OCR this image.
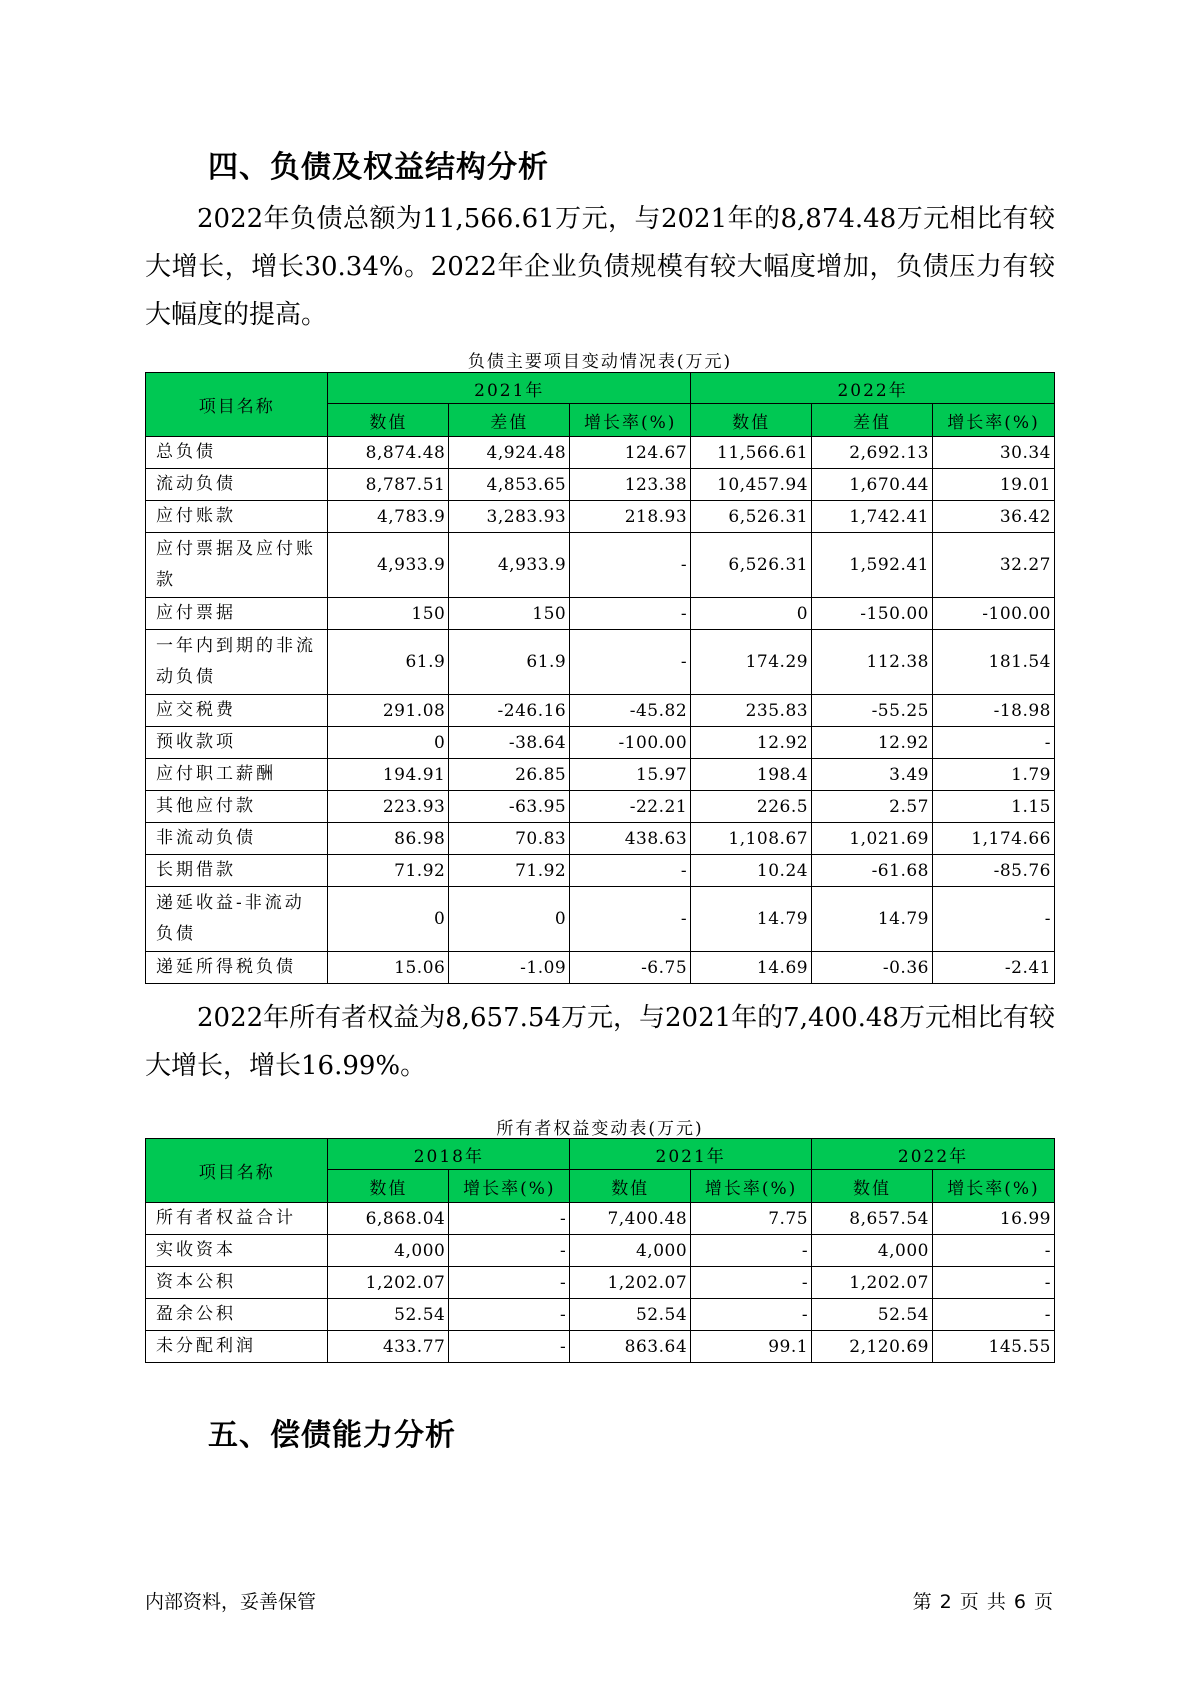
四、负债及权益结构分析

2022年负债总额为11,566.61万元，与2021年的8,874.48万元相比有较大增长，增长30.34%。2022年企业负债规模有较大幅度增加，负债压力有较大幅度的提高。

负债主要项目变动情况表(万元)
项目名称	2021年			2022年		
	数值	差值	增长率(%)	数值	差值	增长率(%)
总负债	8,874.48	4,924.48	124.67	11,566.61	2,692.13	30.34
流动负债	8,787.51	4,853.65	123.38	10,457.94	1,670.44	19.01
应付账款	4,783.9	3,283.93	218.93	6,526.31	1,742.41	36.42
应付票据及应付账款	4,933.9	4,933.9	-	6,526.31	1,592.41	32.27
应付票据	150	150	-	0	-150.00	-100.00
一年内到期的非流动负债	61.9	61.9	-	174.29	112.38	181.54
应交税费	291.08	-246.16	-45.82	235.83	-55.25	-18.98
预收款项	0	-38.64	-100.00	12.92	12.92	-
应付职工薪酬	194.91	26.85	15.97	198.4	3.49	1.79
其他应付款	223.93	-63.95	-22.21	226.5	2.57	1.15
非流动负债	86.98	70.83	438.63	1,108.67	1,021.69	1,174.66
长期借款	71.92	71.92	-	10.24	-61.68	-85.76
递延收益-非流动负债	0	0	-	14.79	14.79	-
递延所得税负债	15.06	-1.09	-6.75	14.69	-0.36	-2.41

2022年所有者权益为8,657.54万元，与2021年的7,400.48万元相比有较大增长，增长16.99%。

所有者权益变动表(万元)
项目名称	2018年		2021年		2022年	
	数值	增长率(%)	数值	增长率(%)	数值	增长率(%)
所有者权益合计	6,868.04	-	7,400.48	7.75	8,657.54	16.99
实收资本	4,000	-	4,000	-	4,000	-
资本公积	1,202.07	-	1,202.07	-	1,202.07	-
盈余公积	52.54	-	52.54	-	52.54	-
未分配利润	433.77	-	863.64	99.1	2,120.69	145.55
五、偿债能力分析
内部资料，妥善保管	第 2 页 共 6 页
